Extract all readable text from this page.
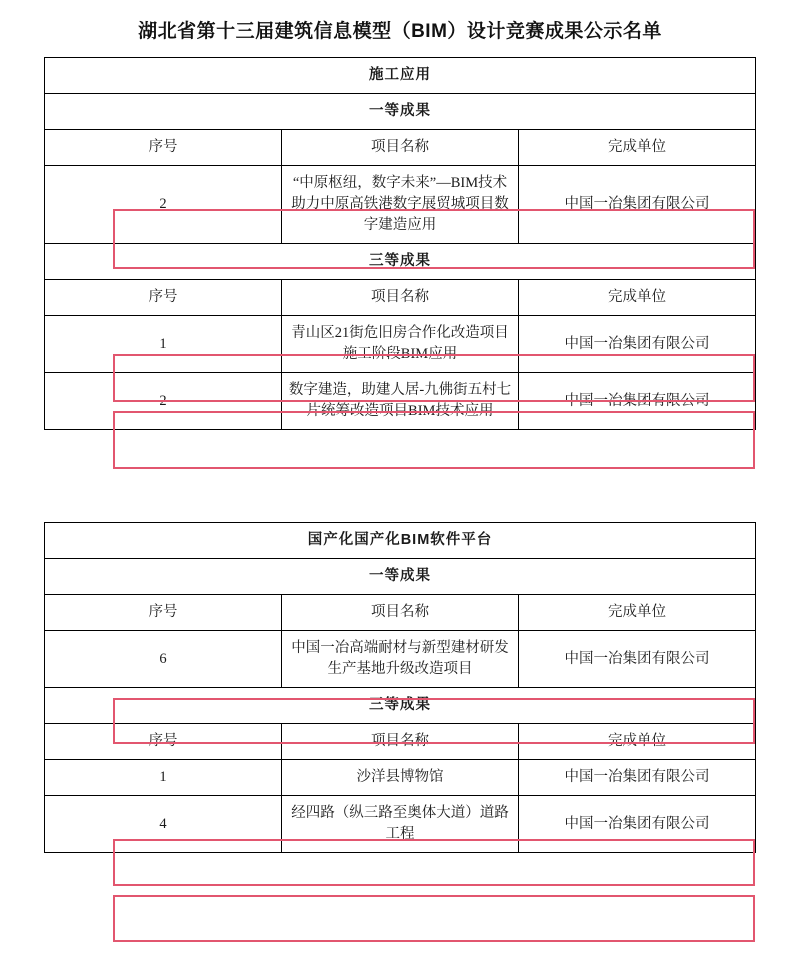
湖北省第十三届建筑信息模型（BIM）设计竞赛成果公示名单
施工应用		
一等成果		
序号	项目名称	完成单位
2	“中原枢纽，数字未来”—BIM技术助力中原高铁港数字展贸城项目数字建造应用	中国一冶集团有限公司
三等成果		
序号	项目名称	完成单位
1	青山区21街危旧房合作化改造项目施工阶段BIM应用	中国一冶集团有限公司
2	数字建造，助建人居-九佛街五村七片统筹改造项目BIM技术应用	中国一冶集团有限公司
国产化国产化BIM软件平台		
一等成果		
序号	项目名称	完成单位
6	中国一冶高端耐材与新型建材研发生产基地升级改造项目	中国一冶集团有限公司
三等成果		
序号	项目名称	完成单位
1	沙洋县博物馆	中国一冶集团有限公司
4	经四路（纵三路至奥体大道）道路工程	中国一冶集团有限公司
